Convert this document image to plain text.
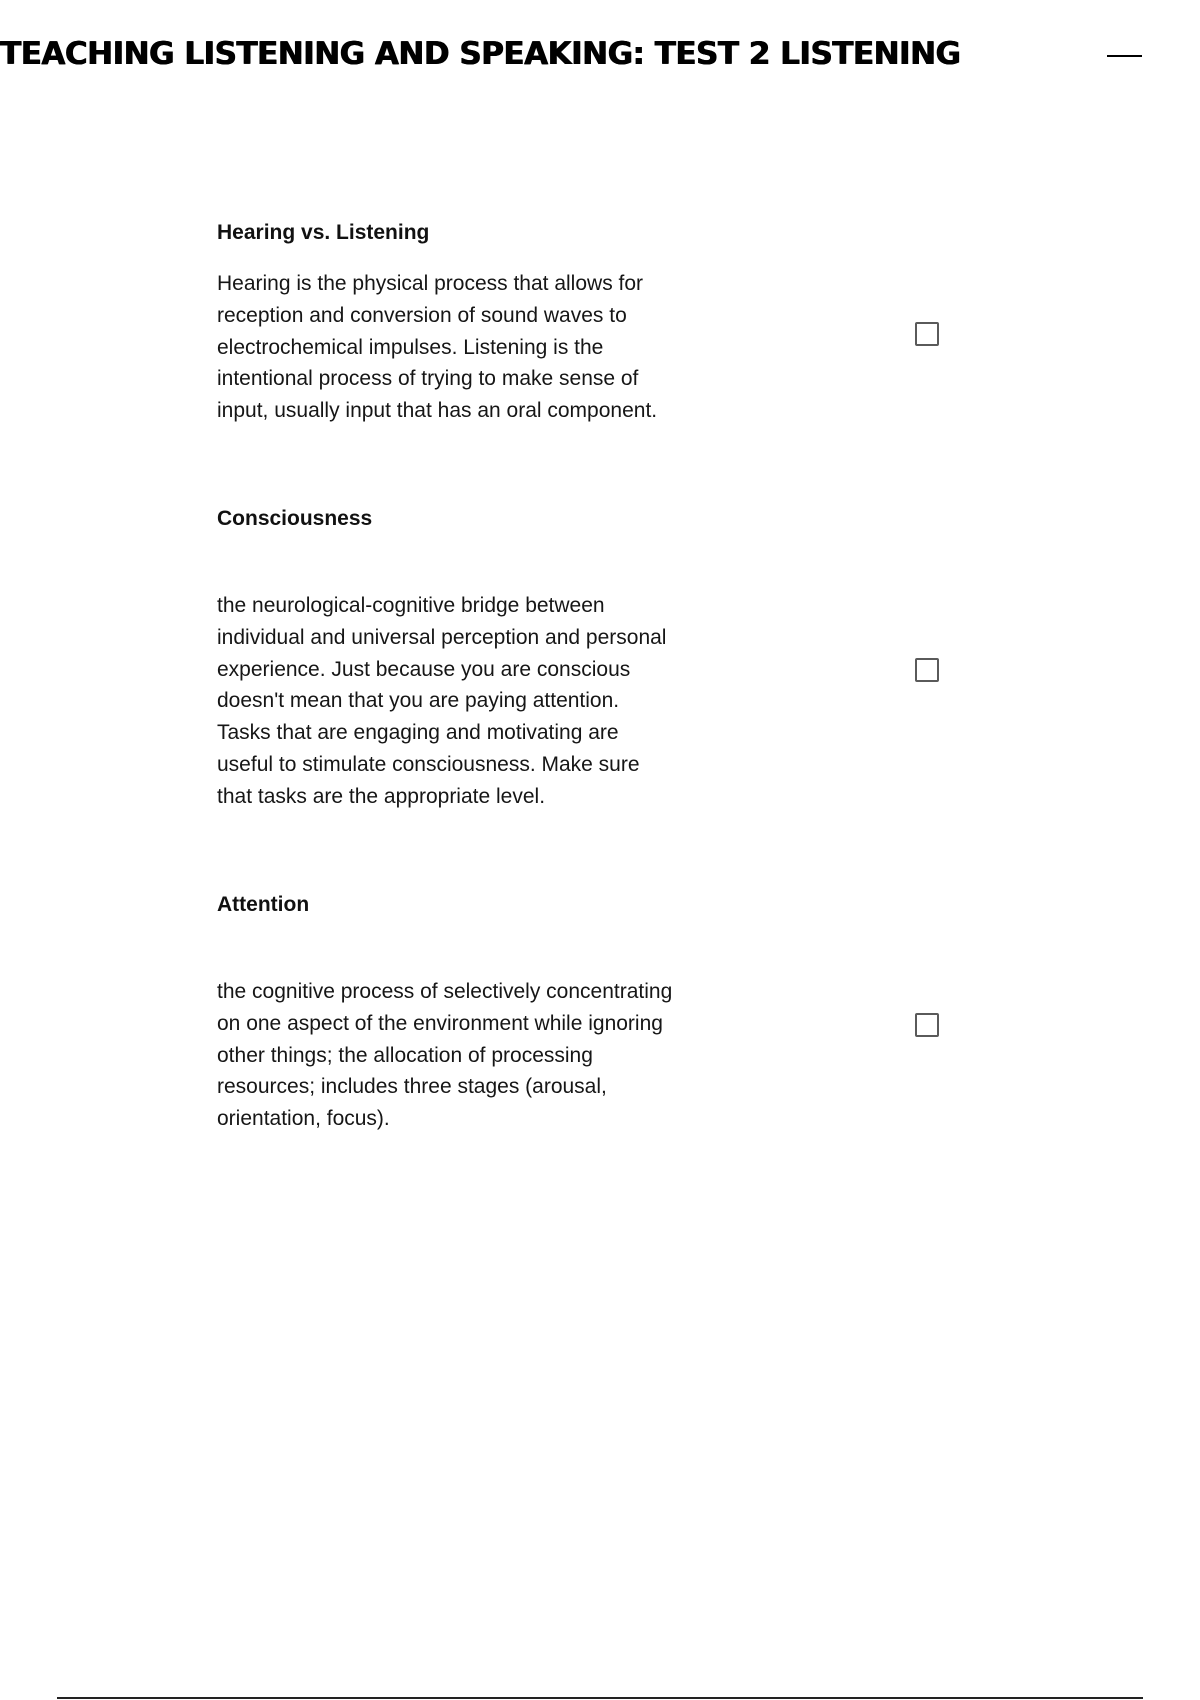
TEACHING LISTENING AND SPEAKING: TEST 2 LISTENING

Hearing vs. Listening

Hearing is the physical process that allows for reception and conversion of sound waves to electrochemical impulses. Listening is the intentional process of trying to make sense of input, usually input that has an oral component.

Consciousness

the neurological-cognitive bridge between individual and universal perception and personal experience. Just because you are conscious doesn't mean that you are paying attention. Tasks that are engaging and motivating are useful to stimulate consciousness. Make sure that tasks are the appropriate level.

Attention

the cognitive process of selectively concentrating on one aspect of the environment while ignoring other things; the allocation of processing resources; includes three stages (arousal, orientation, focus).
